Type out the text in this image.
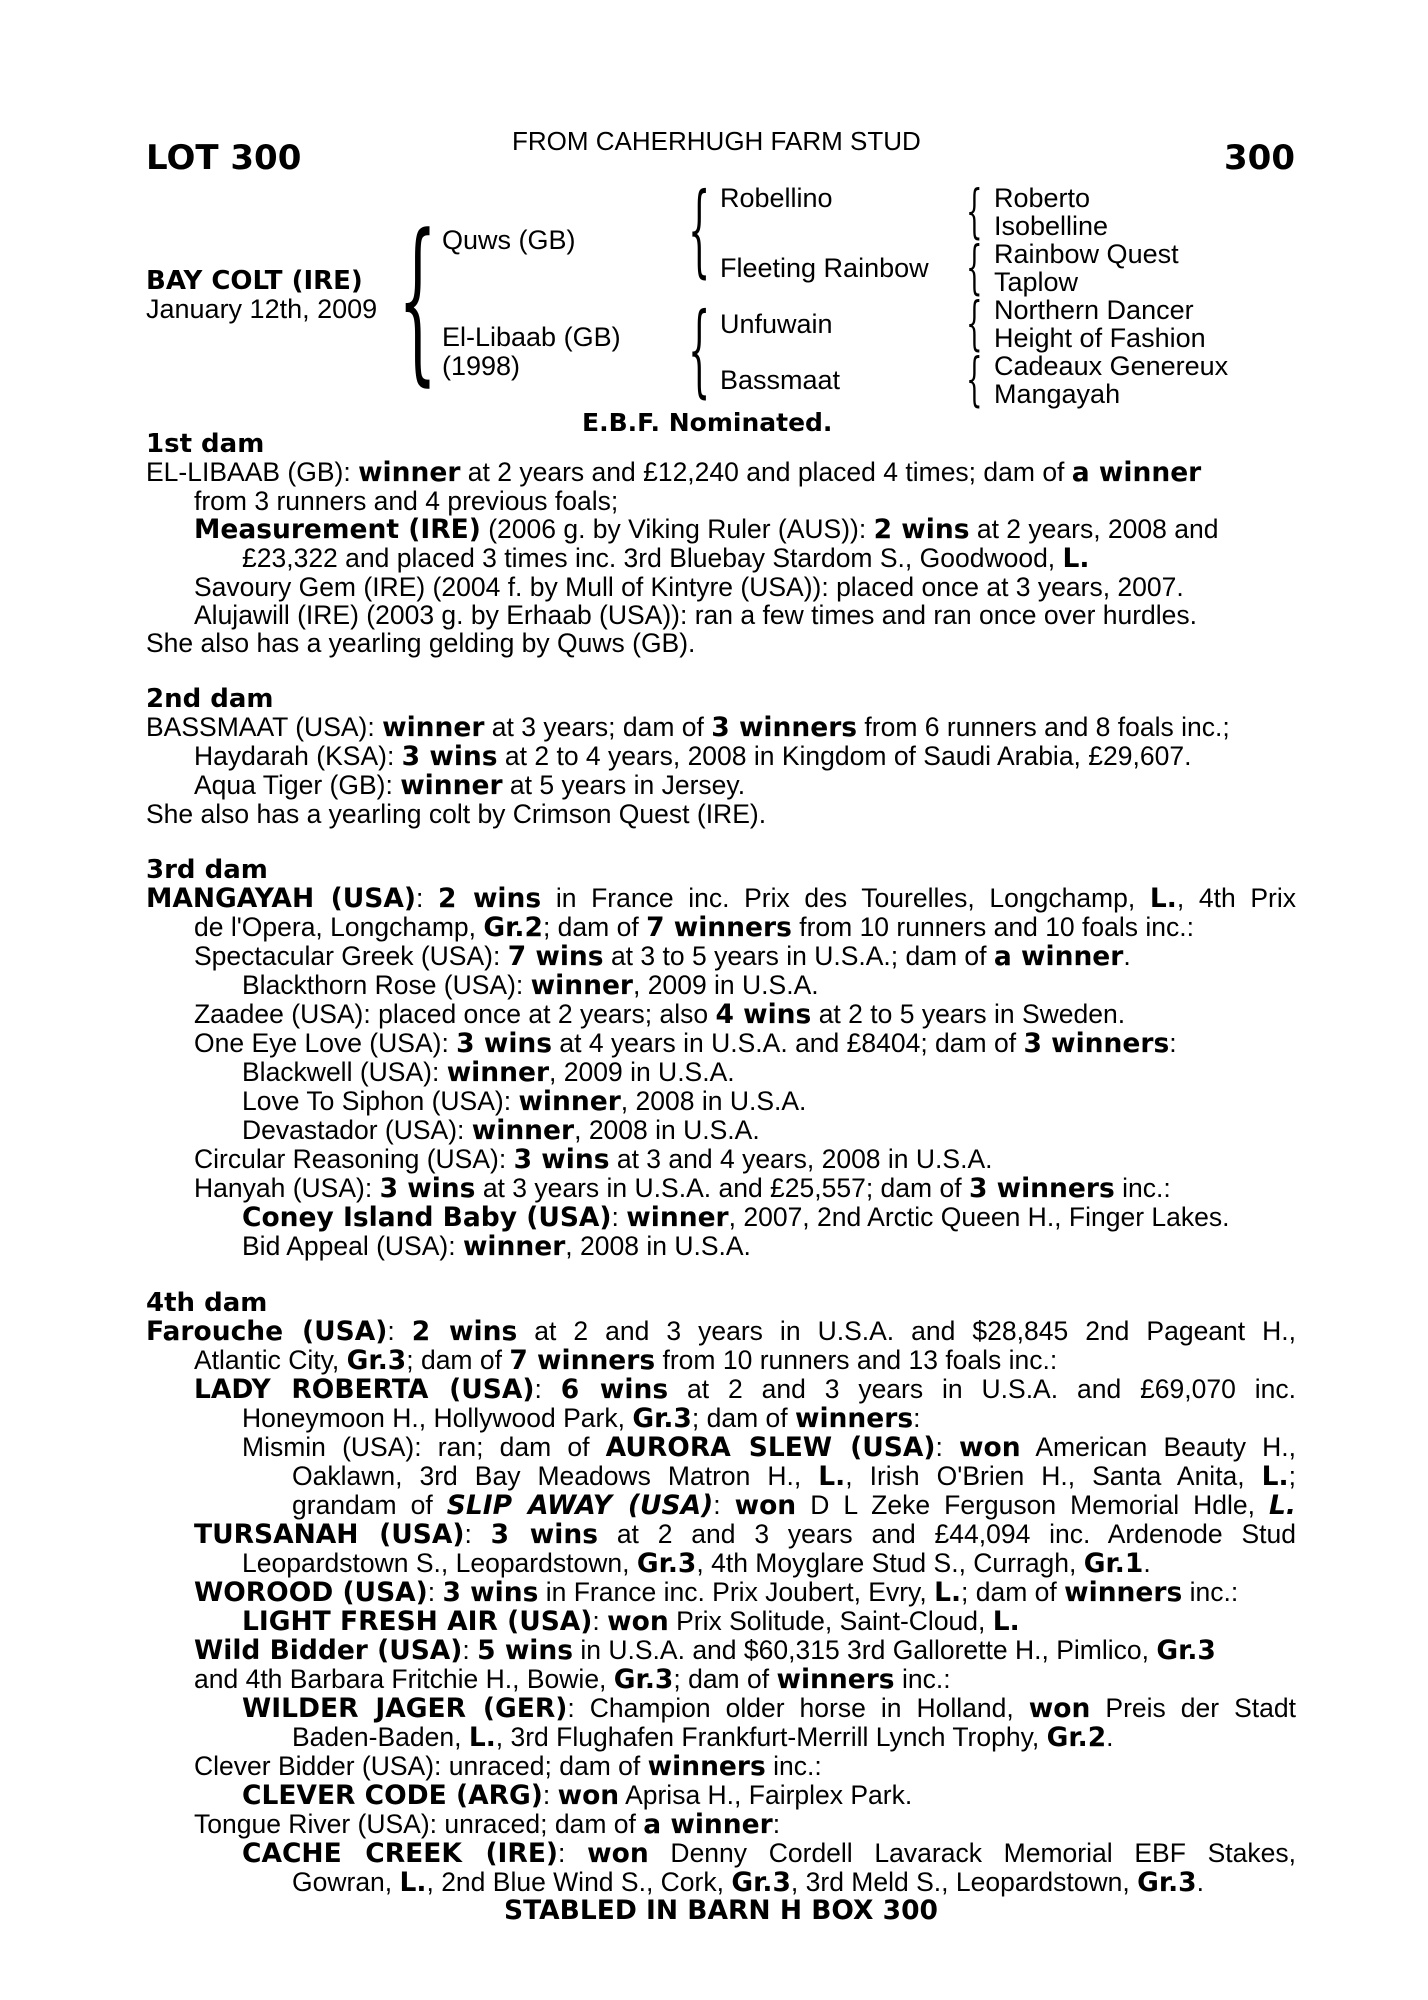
LOT 300	FROM CAHERHUGH FARM STUD	300
BAY COLT (IRE)
January 12th, 2009 { Quws (GB)
El-Libaab (GB)
(1998)
{
{
Robellino
Fleeting Rainbow
Unfuwain
Bassmaat
{
{
{
{
Roberto
Isobelline
Rainbow Quest
Taplow
Northern Dancer
Height of Fashion
Cadeaux Genereux
Mangayah
E.B.F. Nominated.
1st dam
EL-LIBAAB (GB): winner at 2 years and £12,240 and placed 4 times; dam of a winner
from 3 runners and 4 previous foals;
Measurement (IRE) (2006 g. by Viking Ruler (AUS)): 2 wins at 2 years, 2008 and
£23,322 and placed 3 times inc. 3rd Bluebay Stardom S., Goodwood, L.
Savoury Gem (IRE) (2004 f. by Mull of Kintyre (USA)): placed once at 3 years, 2007.
Alujawill (IRE) (2003 g. by Erhaab (USA)): ran a few times and ran once over hurdles.
She also has a yearling gelding by Quws (GB).
2nd dam
BASSMAAT (USA): winner at 3 years; dam of 3 winners from 6 runners and 8 foals inc.;
Haydarah (KSA): 3 wins at 2 to 4 years, 2008 in Kingdom of Saudi Arabia, £29,607.
Aqua Tiger (GB): winner at 5 years in Jersey.
She also has a yearling colt by Crimson Quest (IRE).
3rd dam
MANGAYAH (USA): 2 wins in France inc. Prix des Tourelles, Longchamp, L., 4th Prix
de l'Opera, Longchamp, Gr.2; dam of 7 winners from 10 runners and 10 foals inc.:
Spectacular Greek (USA): 7 wins at 3 to 5 years in U.S.A.; dam of a winner.
Blackthorn Rose (USA): winner, 2009 in U.S.A.
Zaadee (USA): placed once at 2 years; also 4 wins at 2 to 5 years in Sweden.
One Eye Love (USA): 3 wins at 4 years in U.S.A. and £8404; dam of 3 winners:
Blackwell (USA): winner, 2009 in U.S.A.
Love To Siphon (USA): winner, 2008 in U.S.A.
Devastador (USA): winner, 2008 in U.S.A.
Circular Reasoning (USA): 3 wins at 3 and 4 years, 2008 in U.S.A.
Hanyah (USA): 3 wins at 3 years in U.S.A. and £25,557; dam of 3 winners inc.:
Coney Island Baby (USA): winner, 2007, 2nd Arctic Queen H., Finger Lakes.
Bid Appeal (USA): winner, 2008 in U.S.A.
4th dam
Farouche (USA): 2 wins at 2 and 3 years in U.S.A. and $28,845 2nd Pageant H.,
Atlantic City, Gr.3; dam of 7 winners from 10 runners and 13 foals inc.:
LADY ROBERTA (USA): 6 wins at 2 and 3 years in U.S.A. and £69,070 inc.
Honeymoon H., Hollywood Park, Gr.3; dam of winners:
Mismin (USA): ran; dam of AURORA SLEW (USA): won American Beauty H.,
Oaklawn, 3rd Bay Meadows Matron H., L., Irish O'Brien H., Santa Anita, L.;
grandam of SLIP AWAY (USA): won D L Zeke Ferguson Memorial Hdle, L.
TURSANAH (USA): 3 wins at 2 and 3 years and £44,094 inc. Ardenode Stud
Leopardstown S., Leopardstown, Gr.3, 4th Moyglare Stud S., Curragh, Gr.1.
WOROOD (USA): 3 wins in France inc. Prix Joubert, Evry, L.; dam of winners inc.:
LIGHT FRESH AIR (USA): won Prix Solitude, Saint-Cloud, L.
Wild Bidder (USA): 5 wins in U.S.A. and $60,315 3rd Gallorette H., Pimlico, Gr.3
and 4th Barbara Fritchie H., Bowie, Gr.3; dam of winners inc.:
WILDER JAGER (GER): Champion older horse in Holland, won Preis der Stadt
Baden-Baden, L., 3rd Flughafen Frankfurt-Merrill Lynch Trophy, Gr.2.
Clever Bidder (USA): unraced; dam of winners inc.:
CLEVER CODE (ARG): won Aprisa H., Fairplex Park.
Tongue River (USA): unraced; dam of a winner:
CACHE CREEK (IRE): won Denny Cordell Lavarack Memorial EBF Stakes,
Gowran, L., 2nd Blue Wind S., Cork, Gr.3, 3rd Meld S., Leopardstown, Gr.3.
STABLED IN BARN H BOX 300
